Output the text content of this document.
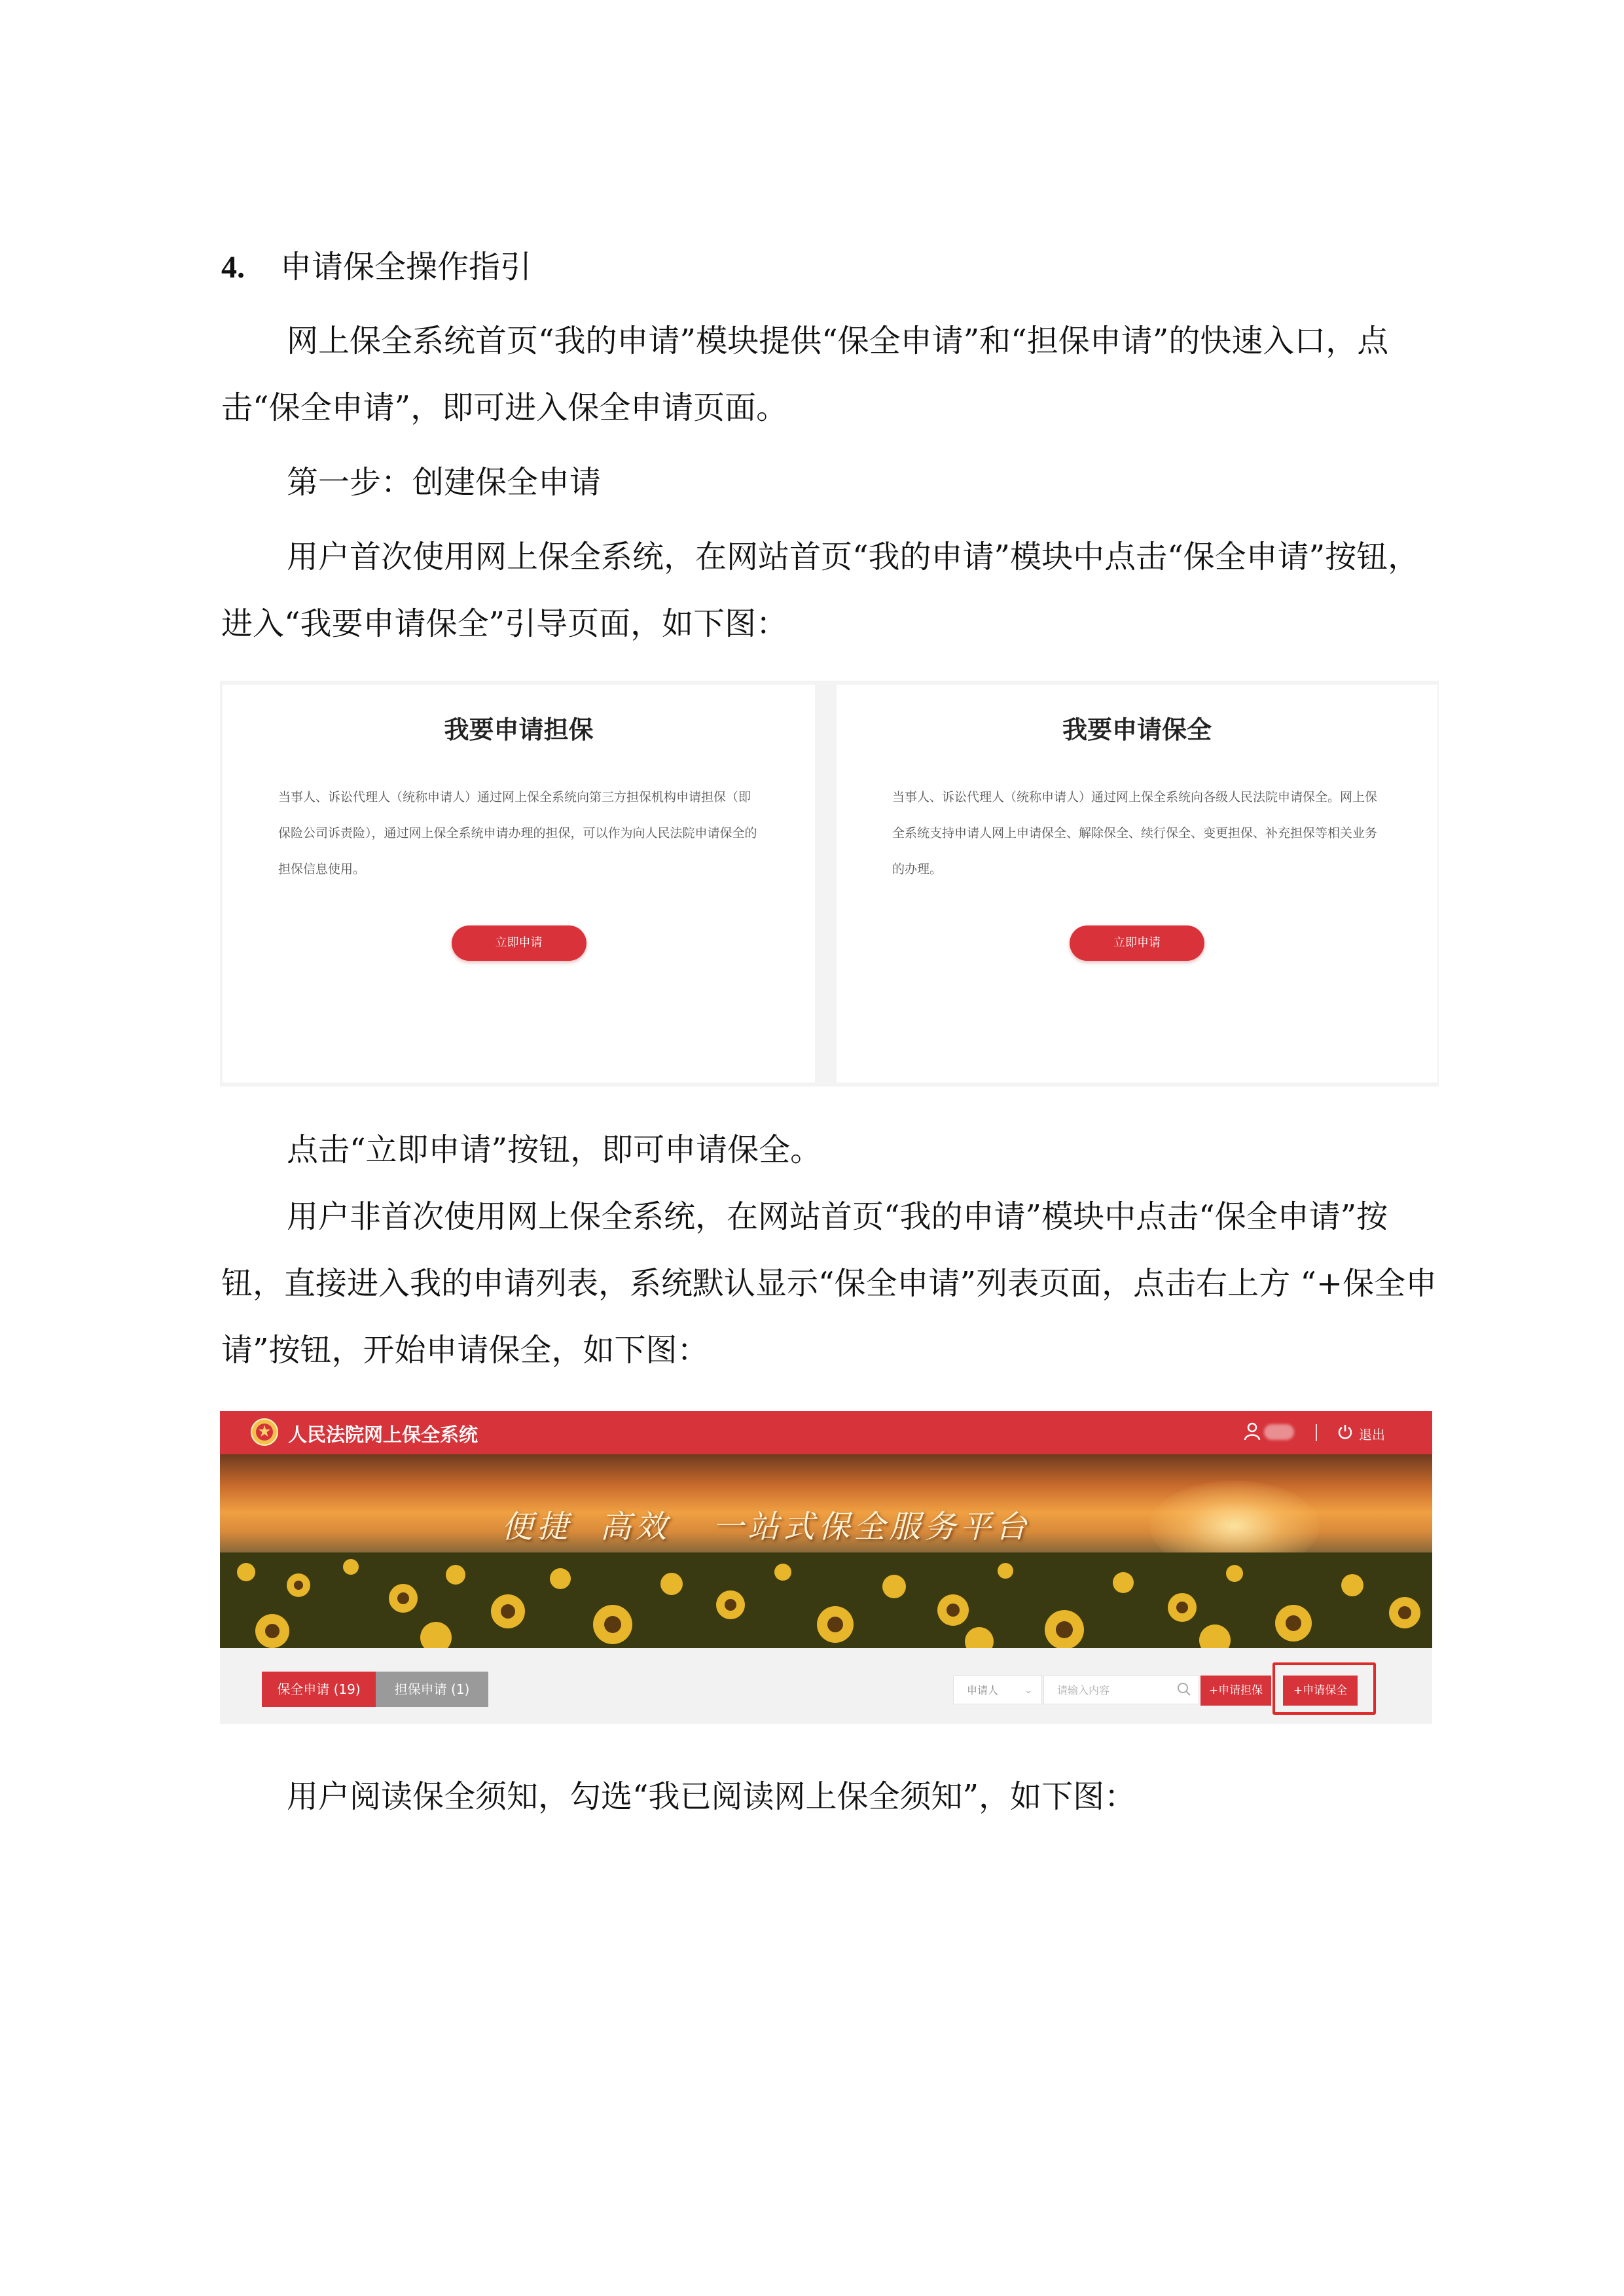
4. 申请保全操作指引

网上保全系统首页“我的申请”模块提供“保全申请”和“担保申请”的快速入口，点击“保全申请”，即可进入保全申请页面。

第一步：创建保全申请

用户首次使用网上保全系统，在网站首页“我的申请”模块中点击“保全申请”按钮，进入“我要申请保全”引导页面，如下图：

我要申请担保

当事人、诉讼代理人（统称申请人）通过网上保全系统向第三方担保机构申请担保（即保险公司诉责险），通过网上保全系统申请办理的担保，可以作为向人民法院申请保全的担保信息使用。

立即申请
我要申请保全

当事人、诉讼代理人（统称申请人）通过网上保全系统向各级人民法院申请保全。网上保全系统支持申请人网上申请保全、解除保全、续行保全、变更担保、补充担保等相关业务的办理。

立即申请

点击“立即申请”按钮，即可申请保全。

用户非首次使用网上保全系统，在网站首页“我的申请”模块中点击“保全申请”按钮，直接进入我的申请列表，系统默认显示“保全申请”列表页面，点击右上方 “+保全申请”按钮，开始申请保全，如下图：

人民法院网上保全系统	退出
便捷  高效   一站式保全服务平台
保全申请 (19)	担保申请 (1)	申请人	⌄	请输入内容	+申请担保	+申请保全

用户阅读保全须知，勾选“我已阅读网上保全须知”，如下图：
